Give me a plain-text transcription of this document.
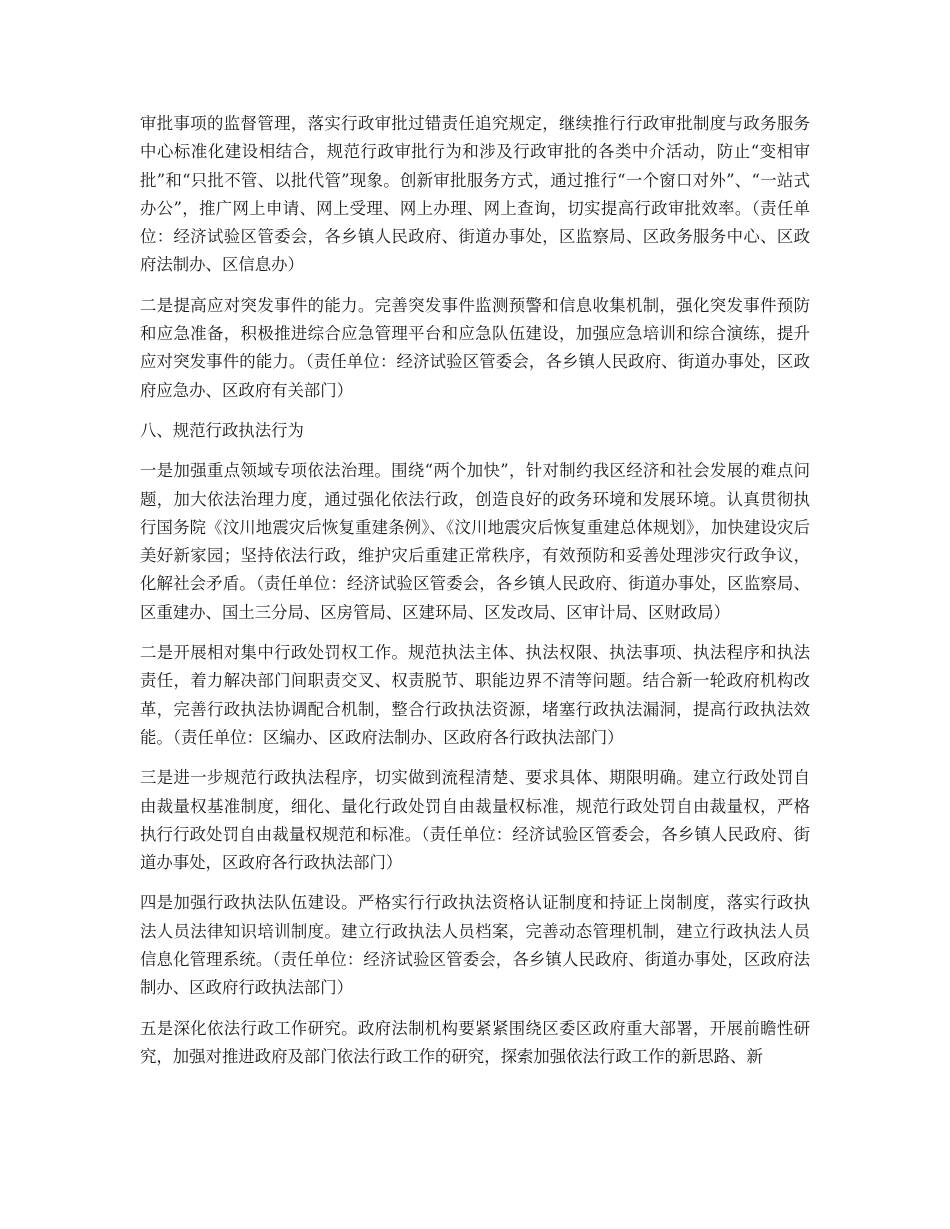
审批事项的监督管理，落实行政审批过错责任追究规定，继续推行行政审批制度与政务服务中心标准化建设相结合，规范行政审批行为和涉及行政审批的各类中介活动，防止“变相审批”和“只批不管、以批代管”现象。创新审批服务方式，通过推行“一个窗口对外”、“一站式办公”，推广网上申请、网上受理、网上办理、网上查询，切实提高行政审批效率。（责任单位：经济试验区管委会，各乡镇人民政府、街道办事处，区监察局、区政务服务中心、区政府法制办、区信息办）

二是提高应对突发事件的能力。完善突发事件监测预警和信息收集机制，强化突发事件预防和应急准备，积极推进综合应急管理平台和应急队伍建设，加强应急培训和综合演练，提升应对突发事件的能力。（责任单位：经济试验区管委会，各乡镇人民政府、街道办事处，区政府应急办、区政府有关部门）

八、规范行政执法行为

一是加强重点领域专项依法治理。围绕“两个加快”，针对制约我区经济和社会发展的难点问题，加大依法治理力度，通过强化依法行政，创造良好的政务环境和发展环境。认真贯彻执行国务院《汶川地震灾后恢复重建条例》、《汶川地震灾后恢复重建总体规划》，加快建设灾后美好新家园；坚持依法行政，维护灾后重建正常秩序，有效预防和妥善处理涉灾行政争议，化解社会矛盾。（责任单位：经济试验区管委会，各乡镇人民政府、街道办事处，区监察局、区重建办、国土三分局、区房管局、区建环局、区发改局、区审计局、区财政局）

二是开展相对集中行政处罚权工作。规范执法主体、执法权限、执法事项、执法程序和执法责任，着力解决部门间职责交叉、权责脱节、职能边界不清等问题。结合新一轮政府机构改革，完善行政执法协调配合机制，整合行政执法资源，堵塞行政执法漏洞，提高行政执法效能。（责任单位：区编办、区政府法制办、区政府各行政执法部门）

三是进一步规范行政执法程序，切实做到流程清楚、要求具体、期限明确。建立行政处罚自由裁量权基准制度，细化、量化行政处罚自由裁量权标准，规范行政处罚自由裁量权，严格执行行政处罚自由裁量权规范和标准。（责任单位：经济试验区管委会，各乡镇人民政府、街道办事处，区政府各行政执法部门）

四是加强行政执法队伍建设。严格实行行政执法资格认证制度和持证上岗制度，落实行政执法人员法律知识培训制度。建立行政执法人员档案，完善动态管理机制，建立行政执法人员信息化管理系统。（责任单位：经济试验区管委会，各乡镇人民政府、街道办事处，区政府法制办、区政府行政执法部门）

五是深化依法行政工作研究。政府法制机构要紧紧围绕区委区政府重大部署，开展前瞻性研究，加强对推进政府及部门依法行政工作的研究，探索加强依法行政工作的新思路、新
